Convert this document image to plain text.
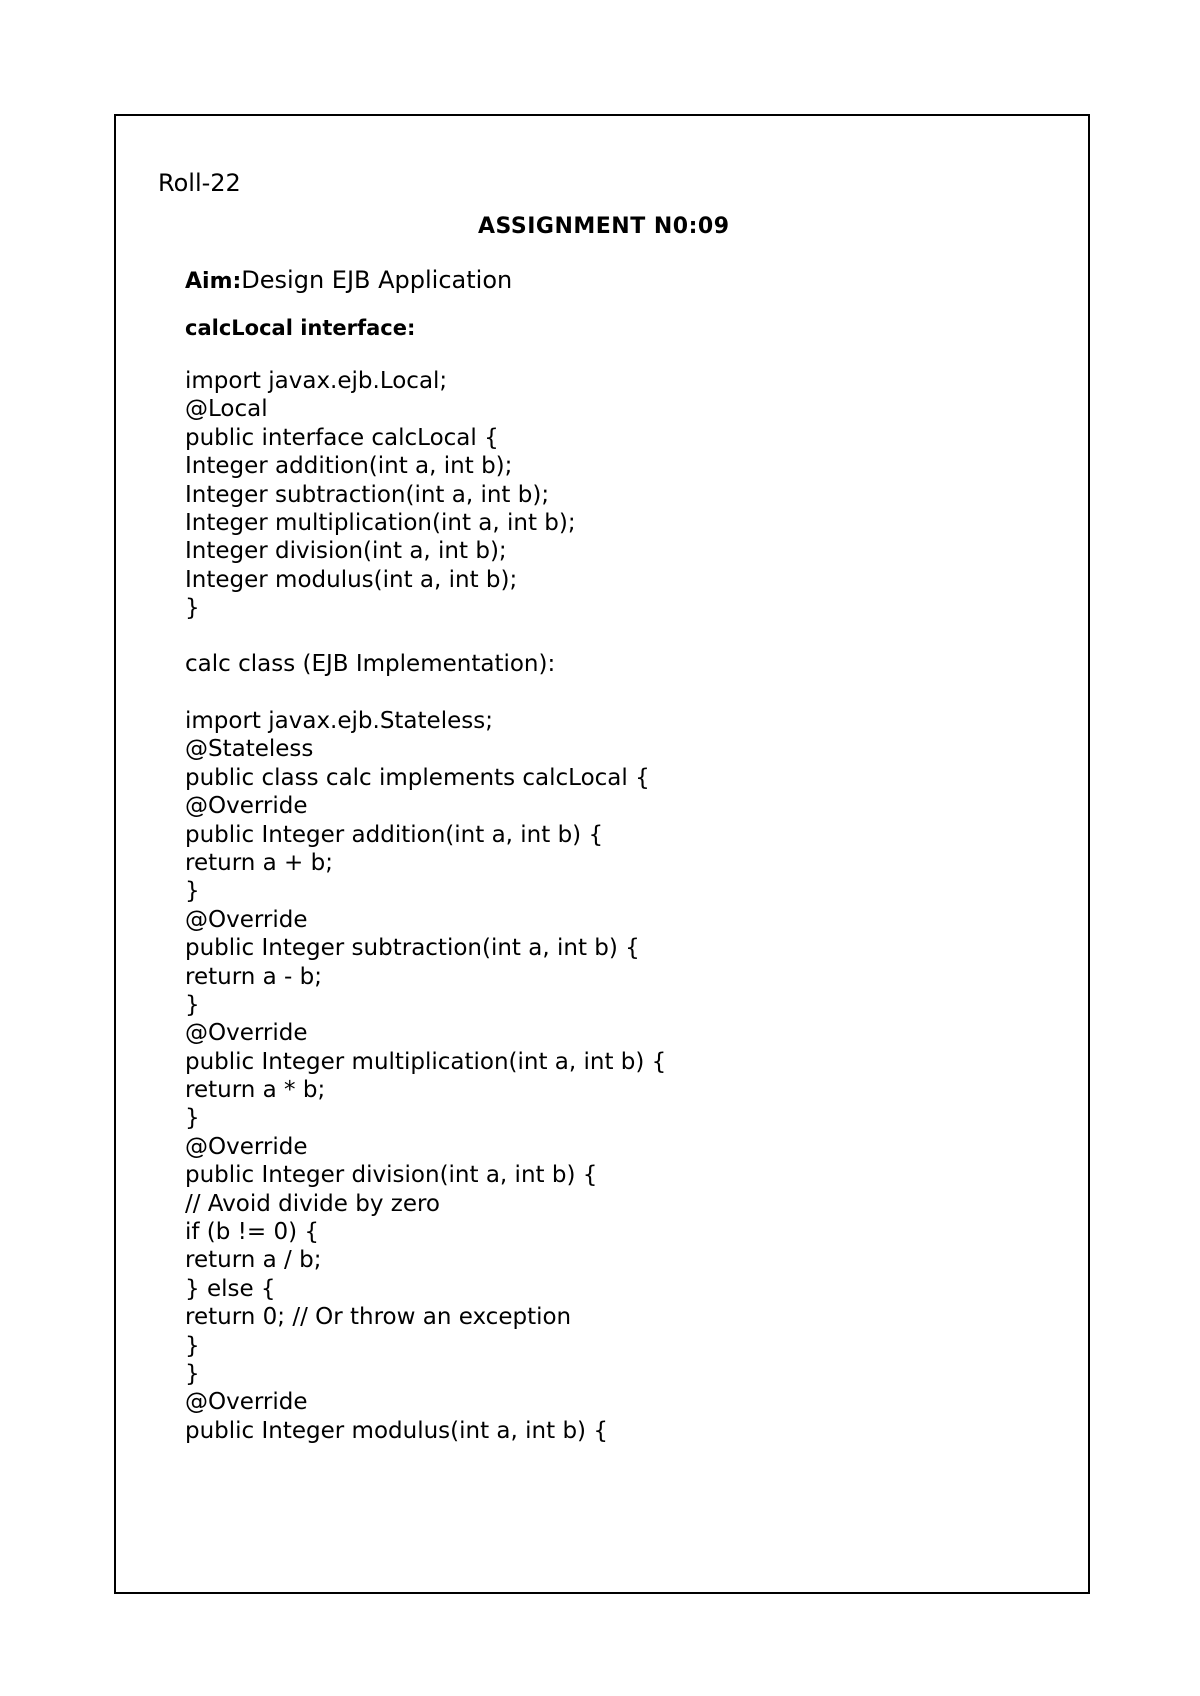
Roll-22
ASSIGNMENT N0:09
Aim:Design EJB Application
calcLocal interface:
import javax.ejb.Local;
@Local
public interface calcLocal {
Integer addition(int a, int b);
Integer subtraction(int a, int b);
Integer multiplication(int a, int b);
Integer division(int a, int b);
Integer modulus(int a, int b);
}
calc class (EJB Implementation):
import javax.ejb.Stateless;
@Stateless
public class calc implements calcLocal {
@Override
public Integer addition(int a, int b) {
return a + b;
}
@Override
public Integer subtraction(int a, int b) {
return a - b;
}
@Override
public Integer multiplication(int a, int b) {
return a * b;
}
@Override
public Integer division(int a, int b) {
// Avoid divide by zero
if (b != 0) {
return a / b;
} else {
return 0; // Or throw an exception
}
}
@Override
public Integer modulus(int a, int b) {
